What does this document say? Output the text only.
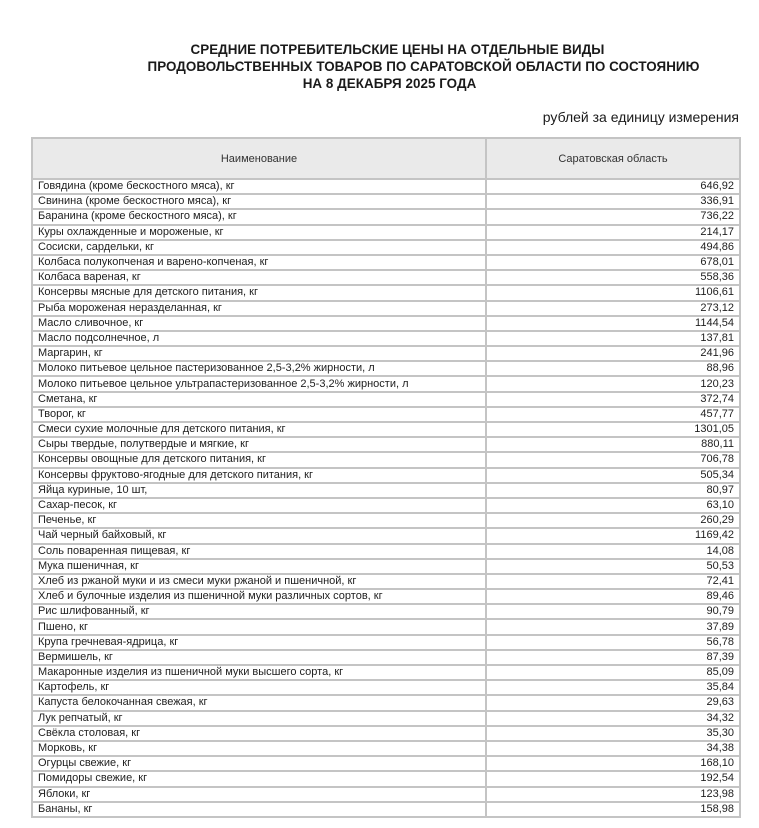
СРЕДНИЕ ПОТРЕБИТЕЛЬСКИЕ ЦЕНЫ НА ОТДЕЛЬНЫЕ ВИДЫ
ПРОДОВОЛЬСТВЕННЫХ ТОВАРОВ ПО САРАТОВСКОЙ ОБЛАСТИ ПО СОСТОЯНИЮ
НА 8 ДЕКАБРЯ 2025 ГОДА
рублей за единицу измерения
Наименование	Саратовская область
Говядина (кроме бескостного мяса), кг	646,92
Свинина (кроме бескостного мяса), кг	336,91
Баранина (кроме бескостного мяса), кг	736,22
Куры охлажденные и мороженые, кг	214,17
Сосиски, сардельки, кг	494,86
Колбаса полукопченая и варено-копченая, кг	678,01
Колбаса вареная, кг	558,36
Консервы мясные для детского питания, кг	1106,61
Рыба мороженая неразделанная, кг	273,12
Масло сливочное, кг	1144,54
Масло подсолнечное, л	137,81
Маргарин, кг	241,96
Молоко питьевое цельное пастеризованное 2,5-3,2% жирности, л	88,96
Молоко питьевое цельное ультрапастеризованное 2,5-3,2% жирности, л	120,23
Сметана, кг	372,74
Творог, кг	457,77
Смеси сухие молочные для детского питания, кг	1301,05
Сыры твердые, полутвердые и мягкие, кг	880,11
Консервы овощные для детского питания, кг	706,78
Консервы фруктово-ягодные для детского питания, кг	505,34
Яйца куриные, 10 шт,	80,97
Сахар-песок, кг	63,10
Печенье, кг	260,29
Чай черный байховый, кг	1169,42
Соль поваренная пищевая, кг	14,08
Мука пшеничная, кг	50,53
Хлеб из ржаной муки и из смеси муки ржаной и пшеничной, кг	72,41
Хлеб и булочные изделия из пшеничной муки различных сортов, кг	89,46
Рис шлифованный, кг	90,79
Пшено, кг	37,89
Крупа гречневая-ядрица, кг	56,78
Вермишель, кг	87,39
Макаронные изделия из пшеничной муки высшего сорта, кг	85,09
Картофель, кг	35,84
Капуста белокочанная свежая, кг	29,63
Лук репчатый, кг	34,32
Свёкла столовая, кг	35,30
Морковь, кг	34,38
Огурцы свежие, кг	168,10
Помидоры свежие, кг	192,54
Яблоки, кг	123,98
Бананы, кг	158,98
